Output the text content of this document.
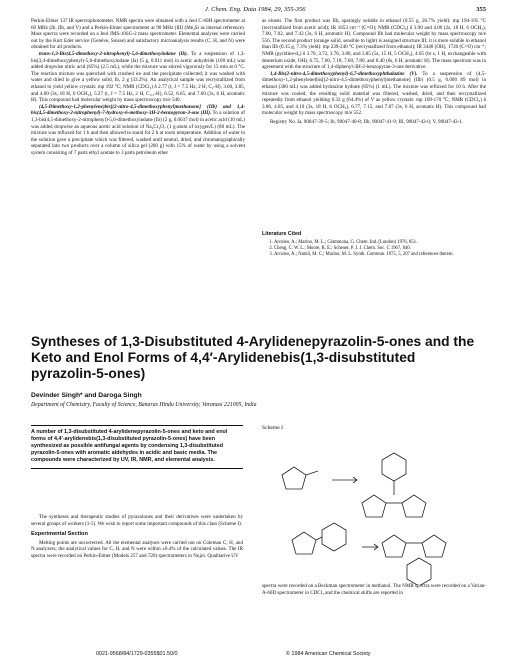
J. Chem. Eng. Data 1984, 29, 355-356	355

Perkin-Elmer 137 IR spectrophotometer. NMR spectra were obtained with a Jeol C-60H spectrometer at 60 MHz (Ib, IIb, and V) and a Perkin-Elmer spectrometer at 90 MHz (III) (Me₄Si as internal reference). Mass spectra were recorded on a Jeol JMS-10SG-2 mass spectrometer. Elemental analyses were carried out by the Kurt Eder service (Genève, Suisse) and satisfactory microanalysis results (C, H, and N) were obtained for all products.

trans-1,3-Bis(4,5-dimethoxy-2-nitrophenyl)-5,6-dimethoxyindane (Ib). To a suspension of 1,3-bis(3,4-dimethoxyphenyl)-5,6-dimethoxyindane (Ia) (5 g, 0.011 mol) in acetic anhydride (100 mL) was added dropwise nitric acid (65%) (2.5 mL), while the mixture was stirred vigorously for 15 min at 0 °C. The reaction mixture was quenched with crushed ice and the precipitate collected; it was washed with water and dried to give a yellow solid, Ib, 2 g (33.3%). An analytical sample was recrystallized from ethanol to yield yellow crystals: mp 192 °C; NMR (CDCl₃) δ 2.77 (t, J = 7.5 Hz, 2 H, C₂-H), 3.60, 3.85, and 4.00 (3s, 18 H, 6 OCH₃), 5.27 (t, J = 7.5 Hz, 2 H, C₁,₃-H), 6.52, 6.65, and 7.60 (3s, 6 H, aromatic H). This compound had molecular weight by mass spectroscopy m/e 540.

(4,5-Dimethoxy-1,2-phenylene)bis[(2-nitro-4,5-dimethoxyphenyl)methanone] (IIb) and 1,4-bis(4,5-dimethoxy-2-nitrophenyl)-7-hydroxy-6-methoxy-3H-2-benzopyran-3-one (III). To a solution of 1,3-bis(4,5-dimethoxy-2-nitrophenyl)-5,6-dimethoxyindane (Ib) (2 g, 0.0037 mol) in acetic acid (10 mL) was added dropwise an aqueous acetic acid solution of Na₂Cr₂O₇ (1 g-atom of oxygen/L) (80 mL). The mixture was refluxed for 1 h and then allowed to stand for 2 h at room temperature. Addition of water to the solution gave a precipitate which was filtered, washed until neutral, dried, and chromatographically separated into two products over a column of silica gel (200 g) with 15% of water by using a solvent system consisting of 7 parts ethyl acetate to 3 parts petroleum ether

as eluent. The first product was IIb, sparingly soluble in ethanol (0.55 g, 26.7% yield): mp 194-195 °C (recrystallized from acetic acid); IR 1653 cm⁻¹ (C=O); NMR (CDCl₃) δ 3.90 and 4.00 (2s, 18 H, 6 OCH₃), 7.00, 7.02, and 7.42 (3s, 6 H, aromatic H). Compound IIb had molecular weight by mass spectroscopy m/e 556. The second product (orange solid, sensible to light) is assigned structure III; it is more soluble in ethanol than IIb (0.15 g, 7.3% yield): mp 239-240 °C (recrystallized from ethanol); IR 3440 (OH), 1720 (C=O) cm⁻¹; NMR (pyridine-d₅) δ 3.70, 3.72, 3.76, 3.80, and 3.85 (5s, 15 H, 5 OCH₃), 4.65 (br s, 1 H, exchangeable with deuterium oxide, OH), 6.75, 7.00, 7.18, 7.60, 7.80, and 8.40 (6s, 6 H, aromatic H). The mass spectrum was in agreement with the structure of 1,4-diphenyl-3H-2-benzopyran-3-one derivative.

1,4-Bis(2-nitro-4,5-dimethoxyphenyl)-6,7-dimethoxyphthalazine (V). To a suspension of (4,5-dimethoxy-1,2-phenylene)bis[(2-nitro-4,5-dimethoxyphenyl)methanone] (IIb) (0.5 g, 0.000 89 mol) in ethanol (300 mL) was added hydrazine hydrate (85%) (1 mL). The mixture was refluxed for 10 h. After the mixture was cooled, the resulting solid material was filtered, washed, dried, and then recrystallized repeatedly from ethanol yielding 0.32 g (64.4%) of V as yellow crystals: mp 169-170 °C; NMR (CDCl₃) δ 3.86, 4.05, and 4.10 (3s, 18 H, 6 OCH₃), 6.77, 7.15, and 7.87 (3s, 6 H, aromatic H). This compound had molecular weight by mass spectroscopy m/e 552.

Registry No. Ia, 90047-39-5; Ib, 90047-40-8; IIb, 90047-41-9; III, 90047-42-0; V, 90047-43-1.

Literature Cited
1. Arcoleo, A.; Marino, M. L.; Giammona, G. Chem. Ind. (London) 1976, 851.
2. Cheng, C. W. L.; Moore, R. E.; Scheuer, P. J. J. Chem. Soc. C 1967, 840.
3. Arcoleo, A.; Natoli, M. C.; Marino, M. L. Synth. Commun. 1975, 5, 207 and references therein.
Syntheses of 1,3-Disubstituted 4-Arylidenepyrazolin-5-ones and the Keto and Enol Forms of 4,4′-Arylidenebis(1,3-disubstituted pyrazolin-5-ones)
Devinder Singh* and Daroga Singh
Department of Chemistry, Faculty of Science, Banaras Hindu University, Varanasi 221005, India
A number of 1,3-disubstituted 4-arylidenepyrazolin-5-ones and keto and enol forms of 4,4′-arylidenebis(1,3-disubstituted pyrazolin-5-ones) have been synthesized as possible antifungal agents by condensing 1,3-disubstituted pyrazolin-5-ones with aromatic aldehydes in acidic and basic media. The compounds were characterized by UV, IR, NMR, and elemental analysis.

The syntheses and therapeutic studies of pyrazolones and their derivatives were undertaken by several groups of workers (1-5). We wish to report some important compounds of this class (Scheme I).

Experimental Section

Melting points are uncorrected. All the elemental analyses were carried out on Coleman C, H, and N analyzers; the analytical values for C, H, and N were within ±0.4% of the calculated values. The IR spectra were recorded on Perkin-Elmer (Models 257 and 720) spectrometers in Nujol. Qualitative UV

Scheme I

spectra were recorded on a Beckman spectrometer in methanol. The NMR spectra were recorded on a Varian-A-60D spectrometer in CDCl₃ and the chemical shifts are reported in

0021-9568/84/1729-0355$01.50/0	© 1984 American Chemical Society
